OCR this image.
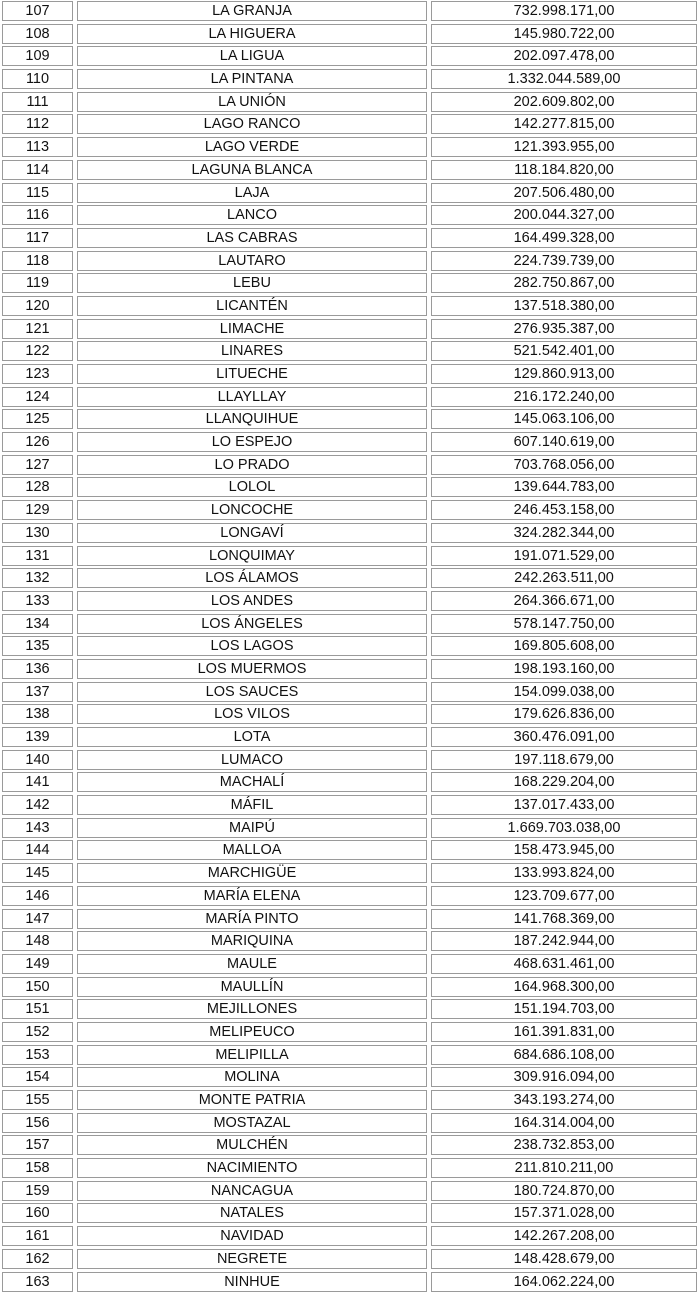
107	LA GRANJA	732.998.171,00
108	LA HIGUERA	145.980.722,00
109	LA LIGUA	202.097.478,00
110	LA PINTANA	1.332.044.589,00
111	LA UNIÓN	202.609.802,00
112	LAGO RANCO	142.277.815,00
113	LAGO VERDE	121.393.955,00
114	LAGUNA BLANCA	118.184.820,00
115	LAJA	207.506.480,00
116	LANCO	200.044.327,00
117	LAS CABRAS	164.499.328,00
118	LAUTARO	224.739.739,00
119	LEBU	282.750.867,00
120	LICANTÉN	137.518.380,00
121	LIMACHE	276.935.387,00
122	LINARES	521.542.401,00
123	LITUECHE	129.860.913,00
124	LLAYLLAY	216.172.240,00
125	LLANQUIHUE	145.063.106,00
126	LO ESPEJO	607.140.619,00
127	LO PRADO	703.768.056,00
128	LOLOL	139.644.783,00
129	LONCOCHE	246.453.158,00
130	LONGAVÍ	324.282.344,00
131	LONQUIMAY	191.071.529,00
132	LOS ÁLAMOS	242.263.511,00
133	LOS ANDES	264.366.671,00
134	LOS ÁNGELES	578.147.750,00
135	LOS LAGOS	169.805.608,00
136	LOS MUERMOS	198.193.160,00
137	LOS SAUCES	154.099.038,00
138	LOS VILOS	179.626.836,00
139	LOTA	360.476.091,00
140	LUMACO	197.118.679,00
141	MACHALÍ	168.229.204,00
142	MÁFIL	137.017.433,00
143	MAIPÚ	1.669.703.038,00
144	MALLOA	158.473.945,00
145	MARCHIGÜE	133.993.824,00
146	MARÍA ELENA	123.709.677,00
147	MARÍA PINTO	141.768.369,00
148	MARIQUINA	187.242.944,00
149	MAULE	468.631.461,00
150	MAULLÍN	164.968.300,00
151	MEJILLONES	151.194.703,00
152	MELIPEUCO	161.391.831,00
153	MELIPILLA	684.686.108,00
154	MOLINA	309.916.094,00
155	MONTE PATRIA	343.193.274,00
156	MOSTAZAL	164.314.004,00
157	MULCHÉN	238.732.853,00
158	NACIMIENTO	211.810.211,00
159	NANCAGUA	180.724.870,00
160	NATALES	157.371.028,00
161	NAVIDAD	142.267.208,00
162	NEGRETE	148.428.679,00
163	NINHUE	164.062.224,00
